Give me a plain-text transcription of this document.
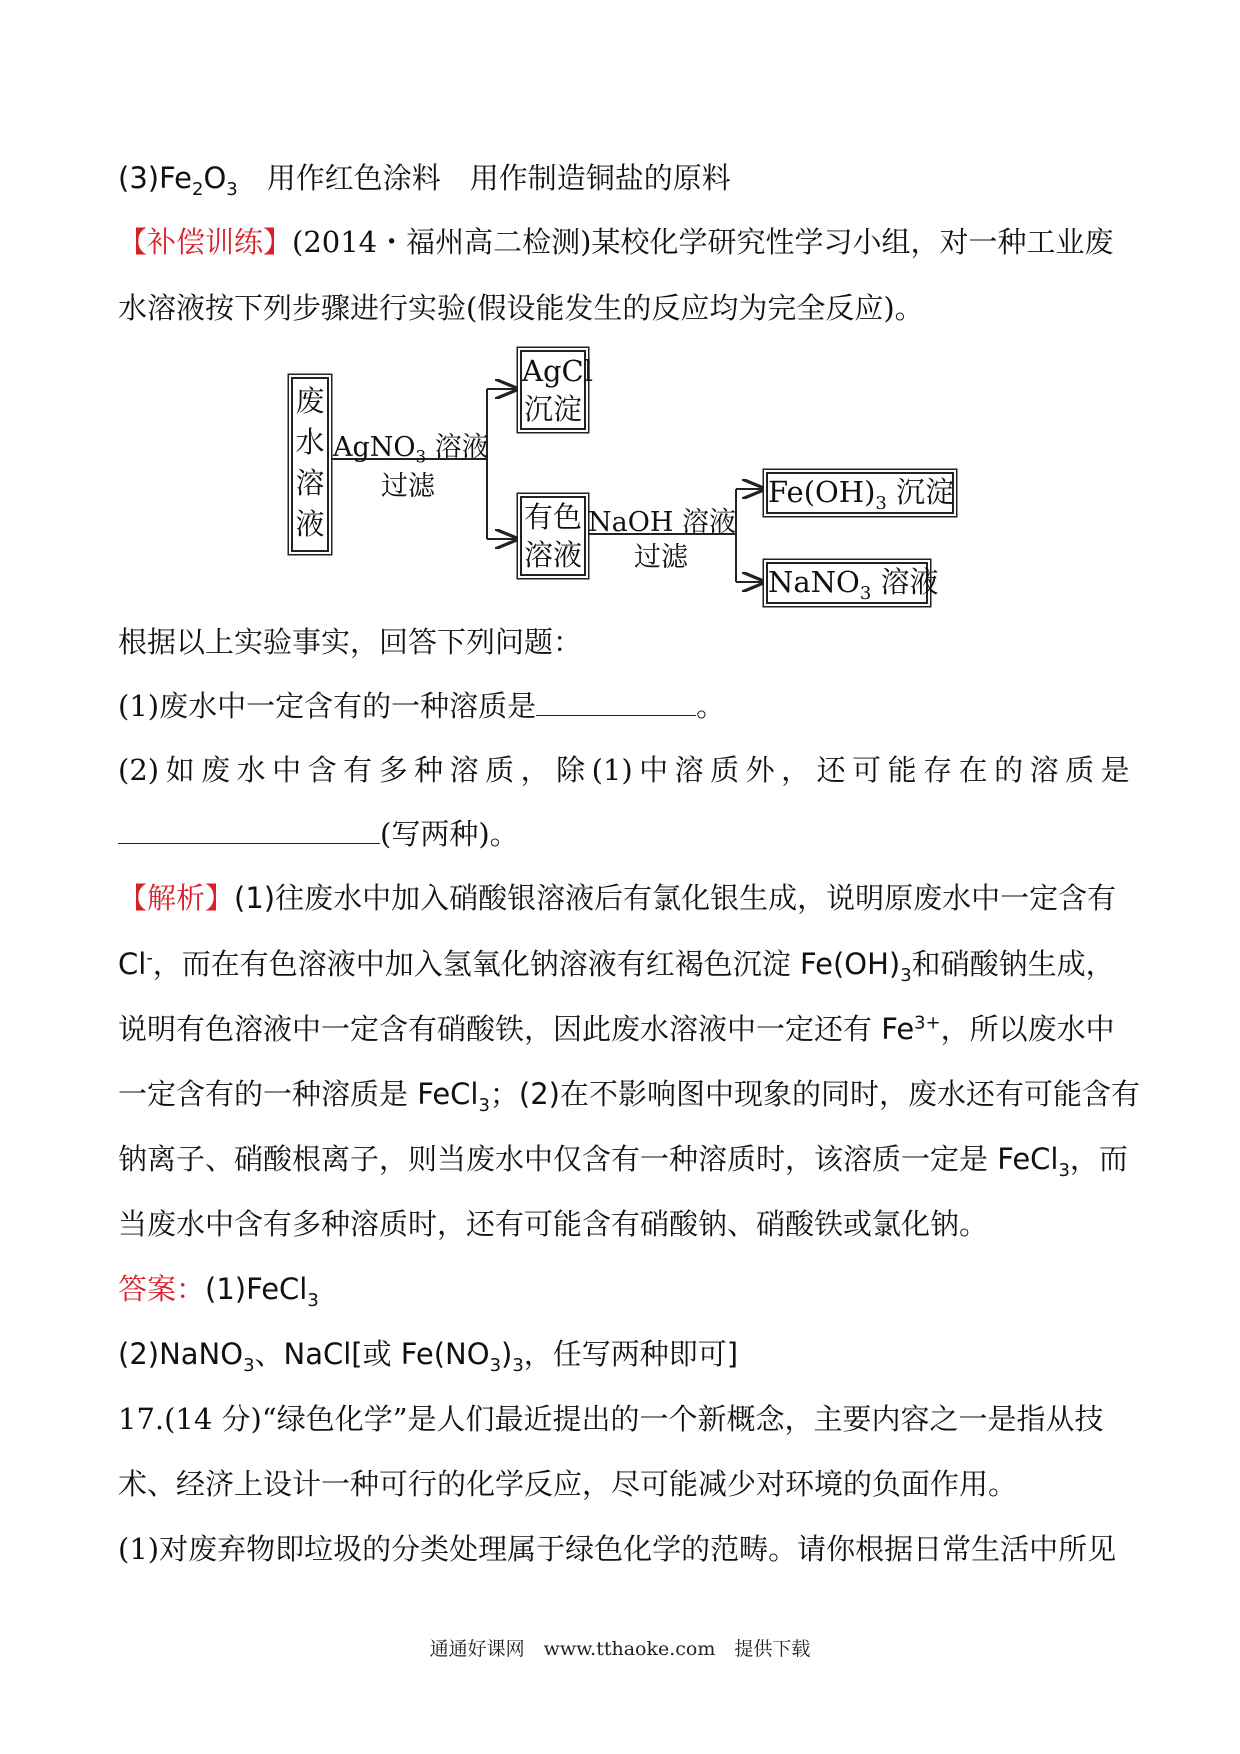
$(3)Fe_2O_3$　用作红色涂料　用作制造铜盐的原料
【补偿训练】(2014・福州高二检测)某校化学研究性学习小组，对一种工业废
水溶液按下列步骤进行实验(假设能发生的反应均为完全反应)。
废
水
溶
液
AgNO$_3$ 溶液
过滤
AgCl
沉淀
有色
溶液
NaOH 溶液
过滤
$Fe(OH)_3$ 沉淀
NaNO$_3$ 溶液
根据以上实验事实，回答下列问题：
(1)废水中一定含有的一种溶质是	。
(2) 如 废 水 中 含 有 多 种 溶 质 ， 除 (1) 中 溶 质 外 ， 还 可 能 存 在 的 溶 质 是
(写两种)。
【解析】(1)往废水中加入硝酸银溶液后有氯化银生成，说明原废水中一定含有
Cl-，而在有色溶液中加入氢氧化钠溶液有红褐色沉淀 $Fe(OH)_3$和硝酸钠生成，
说明有色溶液中一定含有硝酸铁，因此废水溶液中一定还有 $Fe^{3+}$，所以废水中
一定含有的一种溶质是 FeCl$_3$；(2)在不影响图中现象的同时，废水还有可能含有
钠离子、硝酸根离子，则当废水中仅含有一种溶质时，该溶质一定是 FeCl$_3$，而
当废水中含有多种溶质时，还有可能含有硝酸钠、硝酸铁或氯化钠。
答案：(1)FeCl$_3$
(2)NaNO$_3$、NaCl[或 $Fe(NO_3)_3$，任写两种即可]
17.(14 分)“绿色化学”是人们最近提出的一个新概念，主要内容之一是指从技
术、经济上设计一种可行的化学反应，尽可能减少对环境的负面作用。
(1)对废弃物即垃圾的分类处理属于绿色化学的范畴。请你根据日常生活中所见
通通好课网　www.tthaoke.com　提供下载
